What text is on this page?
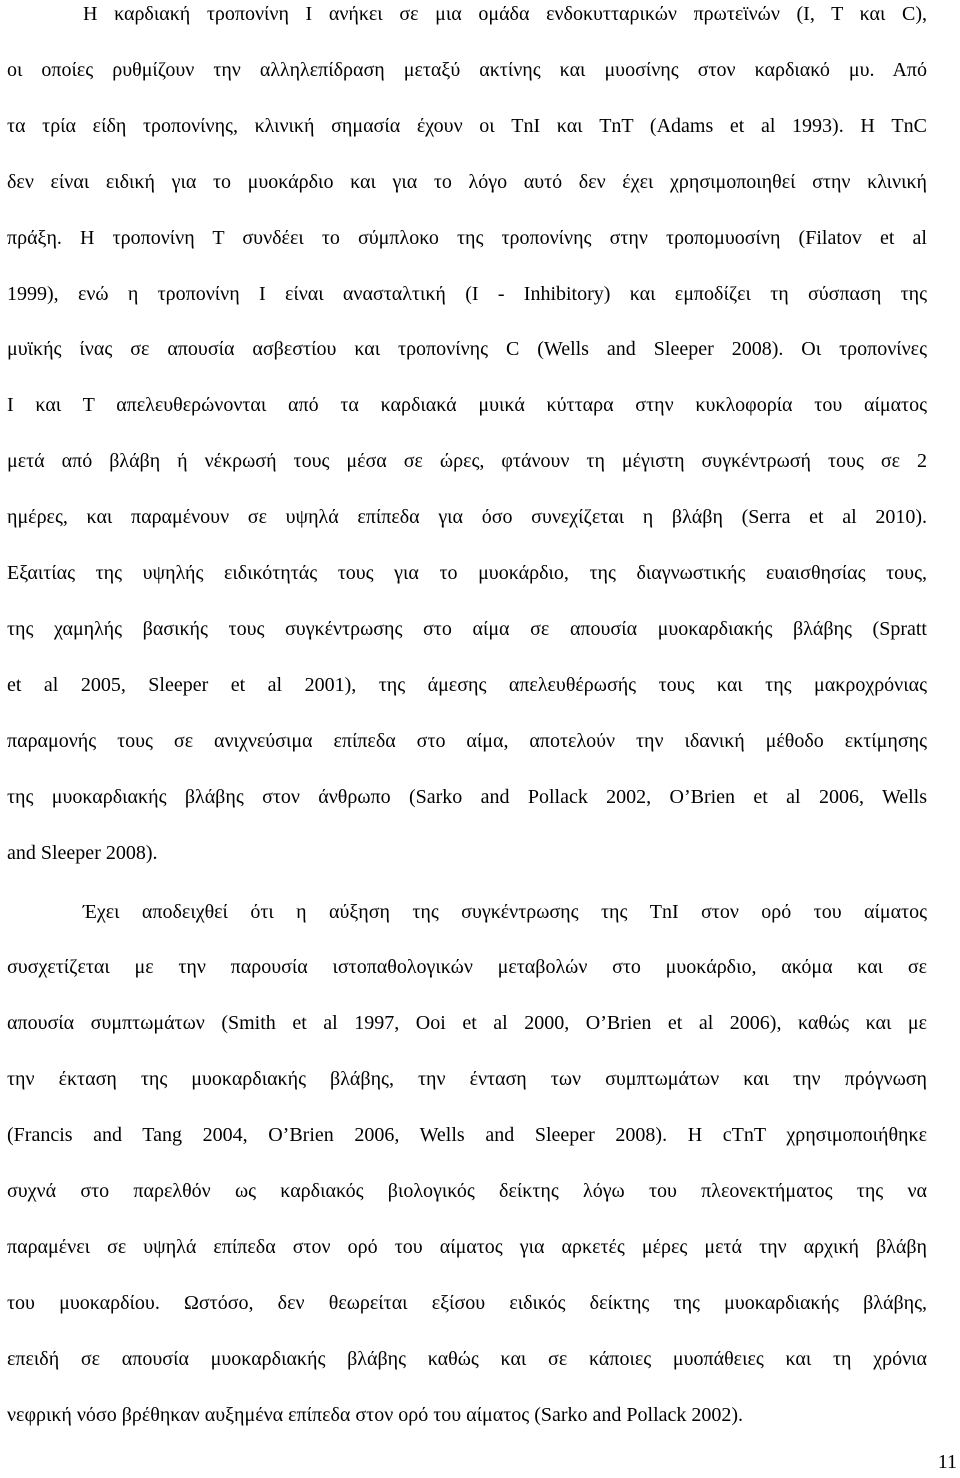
Η καρδιακή τροπονίνη Ι ανήκει σε μια ομάδα ενδοκυτταρικών πρωτεϊνών (I, T και C),
οι οποίες ρυθμίζουν την αλληλεπίδραση μεταξύ ακτίνης και μυοσίνης στον καρδιακό μυ. Από
τα τρία είδη τροπονίνης, κλινική σημασία έχουν οι TnI και TnT (Adams et al 1993). Η TnC
δεν είναι ειδική για το μυοκάρδιο και για το λόγο αυτό δεν έχει χρησιμοποιηθεί στην κλινική
πράξη. Η τροπονίνη Τ συνδέει το σύμπλοκο της τροπονίνης στην τροπομυοσίνη (Filatov et al
1999), ενώ η τροπονίνη Ι είναι ανασταλτική (I - Inhibitory) και εμποδίζει τη σύσπαση της
μυϊκής ίνας σε απουσία ασβεστίου και τροπονίνης C (Wells and Sleeper 2008). Οι τροπονίνες
Ι και Τ απελευθερώνονται από τα καρδιακά μυικά κύτταρα στην κυκλοφορία του αίματος
μετά από βλάβη ή νέκρωσή τους μέσα σε ώρες, φτάνουν τη μέγιστη συγκέντρωσή τους σε 2
ημέρες, και παραμένουν σε υψηλά επίπεδα για όσο συνεχίζεται η βλάβη (Serra et al 2010).
Εξαιτίας της υψηλής ειδικότητάς τους για το μυοκάρδιο, της διαγνωστικής ευαισθησίας τους,
της χαμηλής βασικής τους συγκέντρωσης στο αίμα σε απουσία μυοκαρδιακής βλάβης (Spratt
et al 2005, Sleeper et al 2001), της άμεσης απελευθέρωσής τους και της μακροχρόνιας
παραμονής τους σε ανιχνεύσιμα επίπεδα στο αίμα, αποτελούν την ιδανική μέθοδο εκτίμησης
της μυοκαρδιακής βλάβης στον άνθρωπο (Sarko and Pollack 2002, O’Brien et al 2006, Wells
and Sleeper 2008).

Έχει αποδειχθεί ότι η αύξηση της συγκέντρωσης της TnI στον ορό του αίματος
συσχετίζεται με την παρουσία ιστοπαθολογικών μεταβολών στο μυοκάρδιο, ακόμα και σε
απουσία συμπτωμάτων (Smith et al 1997, Ooi et al 2000, O’Brien et al 2006), καθώς και με
την έκταση της μυοκαρδιακής βλάβης, την ένταση των συμπτωμάτων και την πρόγνωση
(Francis and Tang 2004, O’Brien 2006, Wells and Sleeper 2008). Η cTnT χρησιμοποιήθηκε
συχνά στο παρελθόν ως καρδιακός βιολογικός δείκτης λόγω του πλεονεκτήματος της να
παραμένει σε υψηλά επίπεδα στον ορό του αίματος για αρκετές μέρες μετά την αρχική βλάβη
του μυοκαρδίου. Ωστόσο, δεν θεωρείται εξίσου ειδικός δείκτης της μυοκαρδιακής βλάβης,
επειδή σε απουσία μυοκαρδιακής βλάβης καθώς και σε κάποιες μυοπάθειες και τη χρόνια
νεφρική νόσο βρέθηκαν αυξημένα επίπεδα στον ορό του αίματος (Sarko and Pollack 2002).

11
